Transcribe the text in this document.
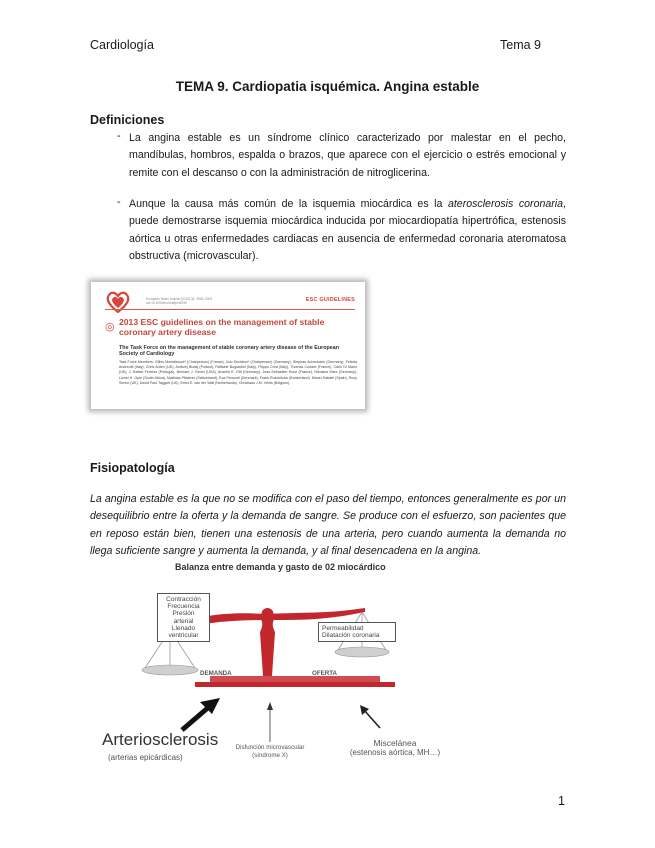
Cardiología	Tema 9
TEMA 9. Cardiopatia isquémica. Angina estable
Definiciones
- La angina estable es un síndrome clínico caracterizado por malestar en el pecho, mandíbulas, hombros, espalda o brazos, que aparece con el ejercicio o estrés emocional y remite con el descanso o con la administración de nitroglicerina.
- Aunque la causa más común de la isquemia miocárdica es la aterosclerosis coronaria, puede demostrarse isquemia miocárdica inducida por miocardiopatía hipertrófica, estenosis aórtica u otras enfermedades cardiacas en ausencia de enfermedad coronaria ateromatosa obstructiva (microvascular).
European Heart Journal (2013) 34, 2949–3003 doi:10.1093/eurheartj/eht296	ESC GUIDELINES
◎ 2013 ESC guidelines on the management of stable coronary artery disease
The Task Force on the management of stable coronary artery disease of the European Society of Cardiology
Task Force Members: Gilles Montalescot* (Chairperson) (France), Udo Sechtem* (Chairperson) (Germany), Stephan Achenbach (Germany), Felicita Andreotti (Italy), Chris Arden (UK), Andrzej Budaj (Poland), Raffaele Bugiardini (Italy), Filippo Crea (Italy), Thomas Cuisset (France), Carlo Di Mario (UK), J. Rafael Ferreira (Portugal), Bernard J. Gersh (USA), Anselm K. Gitt (Germany), Jean-Sebastien Hulot (France), Nikolaus Marx (Germany), Lionel H. Opie (South Africa), Matthias Pfisterer (Switzerland), Eva Prescott (Denmark), Frank Ruschitzka (Switzerland), Manel Sabaté (Spain), Roxy Senior (UK), David Paul Taggart (UK), Ernst E. van der Wall (Netherlands), Christiaan J.M. Vrints (Belgium).
Fisiopatología
La angina estable es la que no se modifica con el paso del tiempo, entonces generalmente es por un desequilibrio entre la oferta y la demanda de sangre. Se produce con el esfuerzo, son pacientes que en reposo están bien, tienen una estenosis de una arteria, pero cuando aumenta la demanda no llega suficiente sangre y aumenta la demanda, y al final desencadena en la angina.
Balanza entre demanda y gasto de 02 miocárdico
Contracción
Frecuencia
Presión
arterial
Llenado
ventricular
Permeabilidad
Dilatación coronaria
DEMANDA	OFERTA
Arteriosclerosis
(arterias epicárdicas)
Disfunción microvascular
(síndrome X)
Miscelánea
(estenosis aórtica, MH…)
1
